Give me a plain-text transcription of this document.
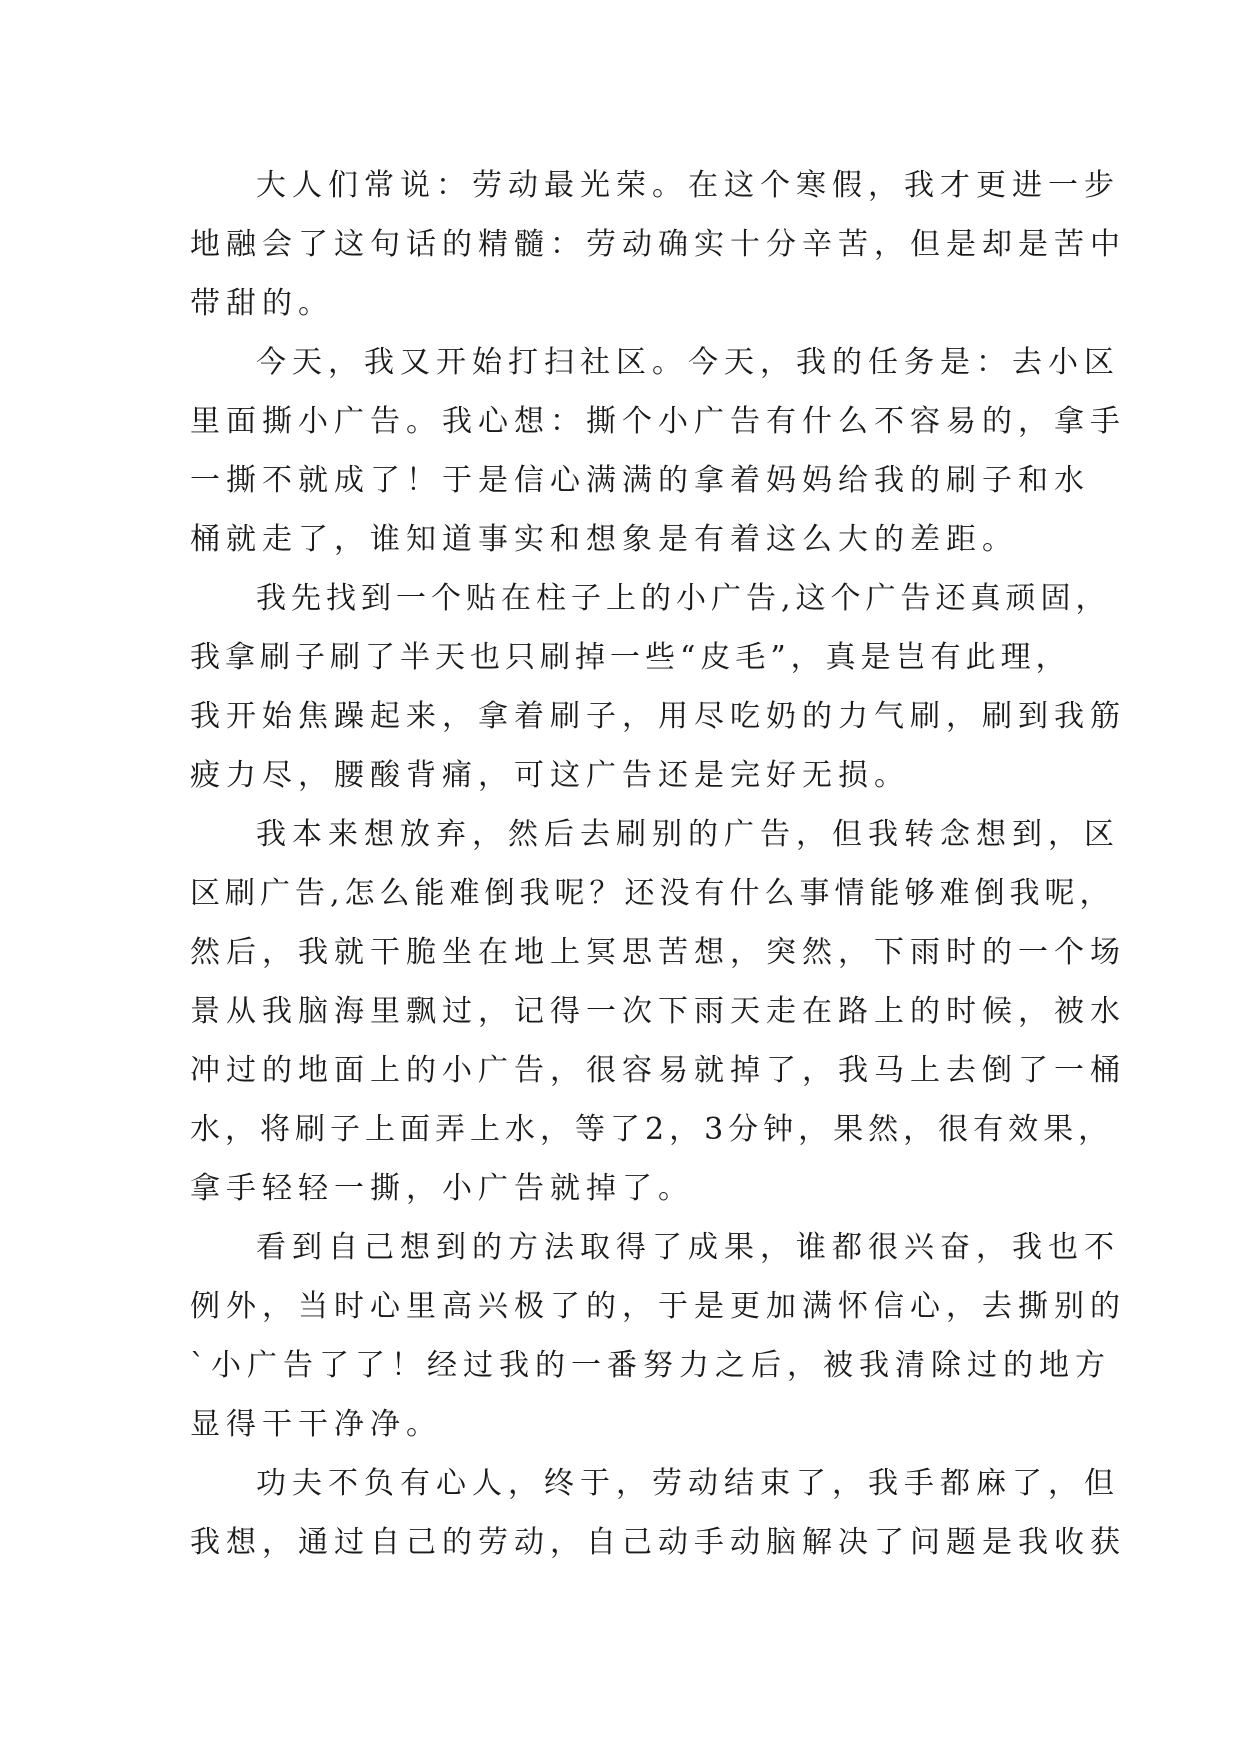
大人们常说：劳动最光荣。在这个寒假，我才更进一步
地融会了这句话的精髓：劳动确实十分辛苦，但是却是苦中
带甜的。
今天，我又开始打扫社区。今天，我的任务是：去小区
里面撕小广告。我心想：撕个小广告有什么不容易的，拿手
一撕不就成了！于是信心满满的拿着妈妈给我的刷子和水
桶就走了，谁知道事实和想象是有着这么大的差距。
我先找到一个贴在柱子上的小广告,这个广告还真顽固，
我拿刷子刷了半天也只刷掉一些“皮毛”，真是岂有此理，
我开始焦躁起来，拿着刷子，用尽吃奶的力气刷，刷到我筋
疲力尽，腰酸背痛，可这广告还是完好无损。
我本来想放弃，然后去刷别的广告，但我转念想到，区
区刷广告,怎么能难倒我呢？还没有什么事情能够难倒我呢，
然后，我就干脆坐在地上冥思苦想，突然，下雨时的一个场
景从我脑海里飘过，记得一次下雨天走在路上的时候，被水
冲过的地面上的小广告，很容易就掉了，我马上去倒了一桶
水，将刷子上面弄上水，等了2，3分钟，果然，很有效果，
拿手轻轻一撕，小广告就掉了。
看到自己想到的方法取得了成果，谁都很兴奋，我也不
例外，当时心里高兴极了的，于是更加满怀信心，去撕别的
`小广告了了！经过我的一番努力之后，被我清除过的地方
显得干干净净。
功夫不负有心人，终于，劳动结束了，我手都麻了，但
我想，通过自己的劳动，自己动手动脑解决了问题是我收获
